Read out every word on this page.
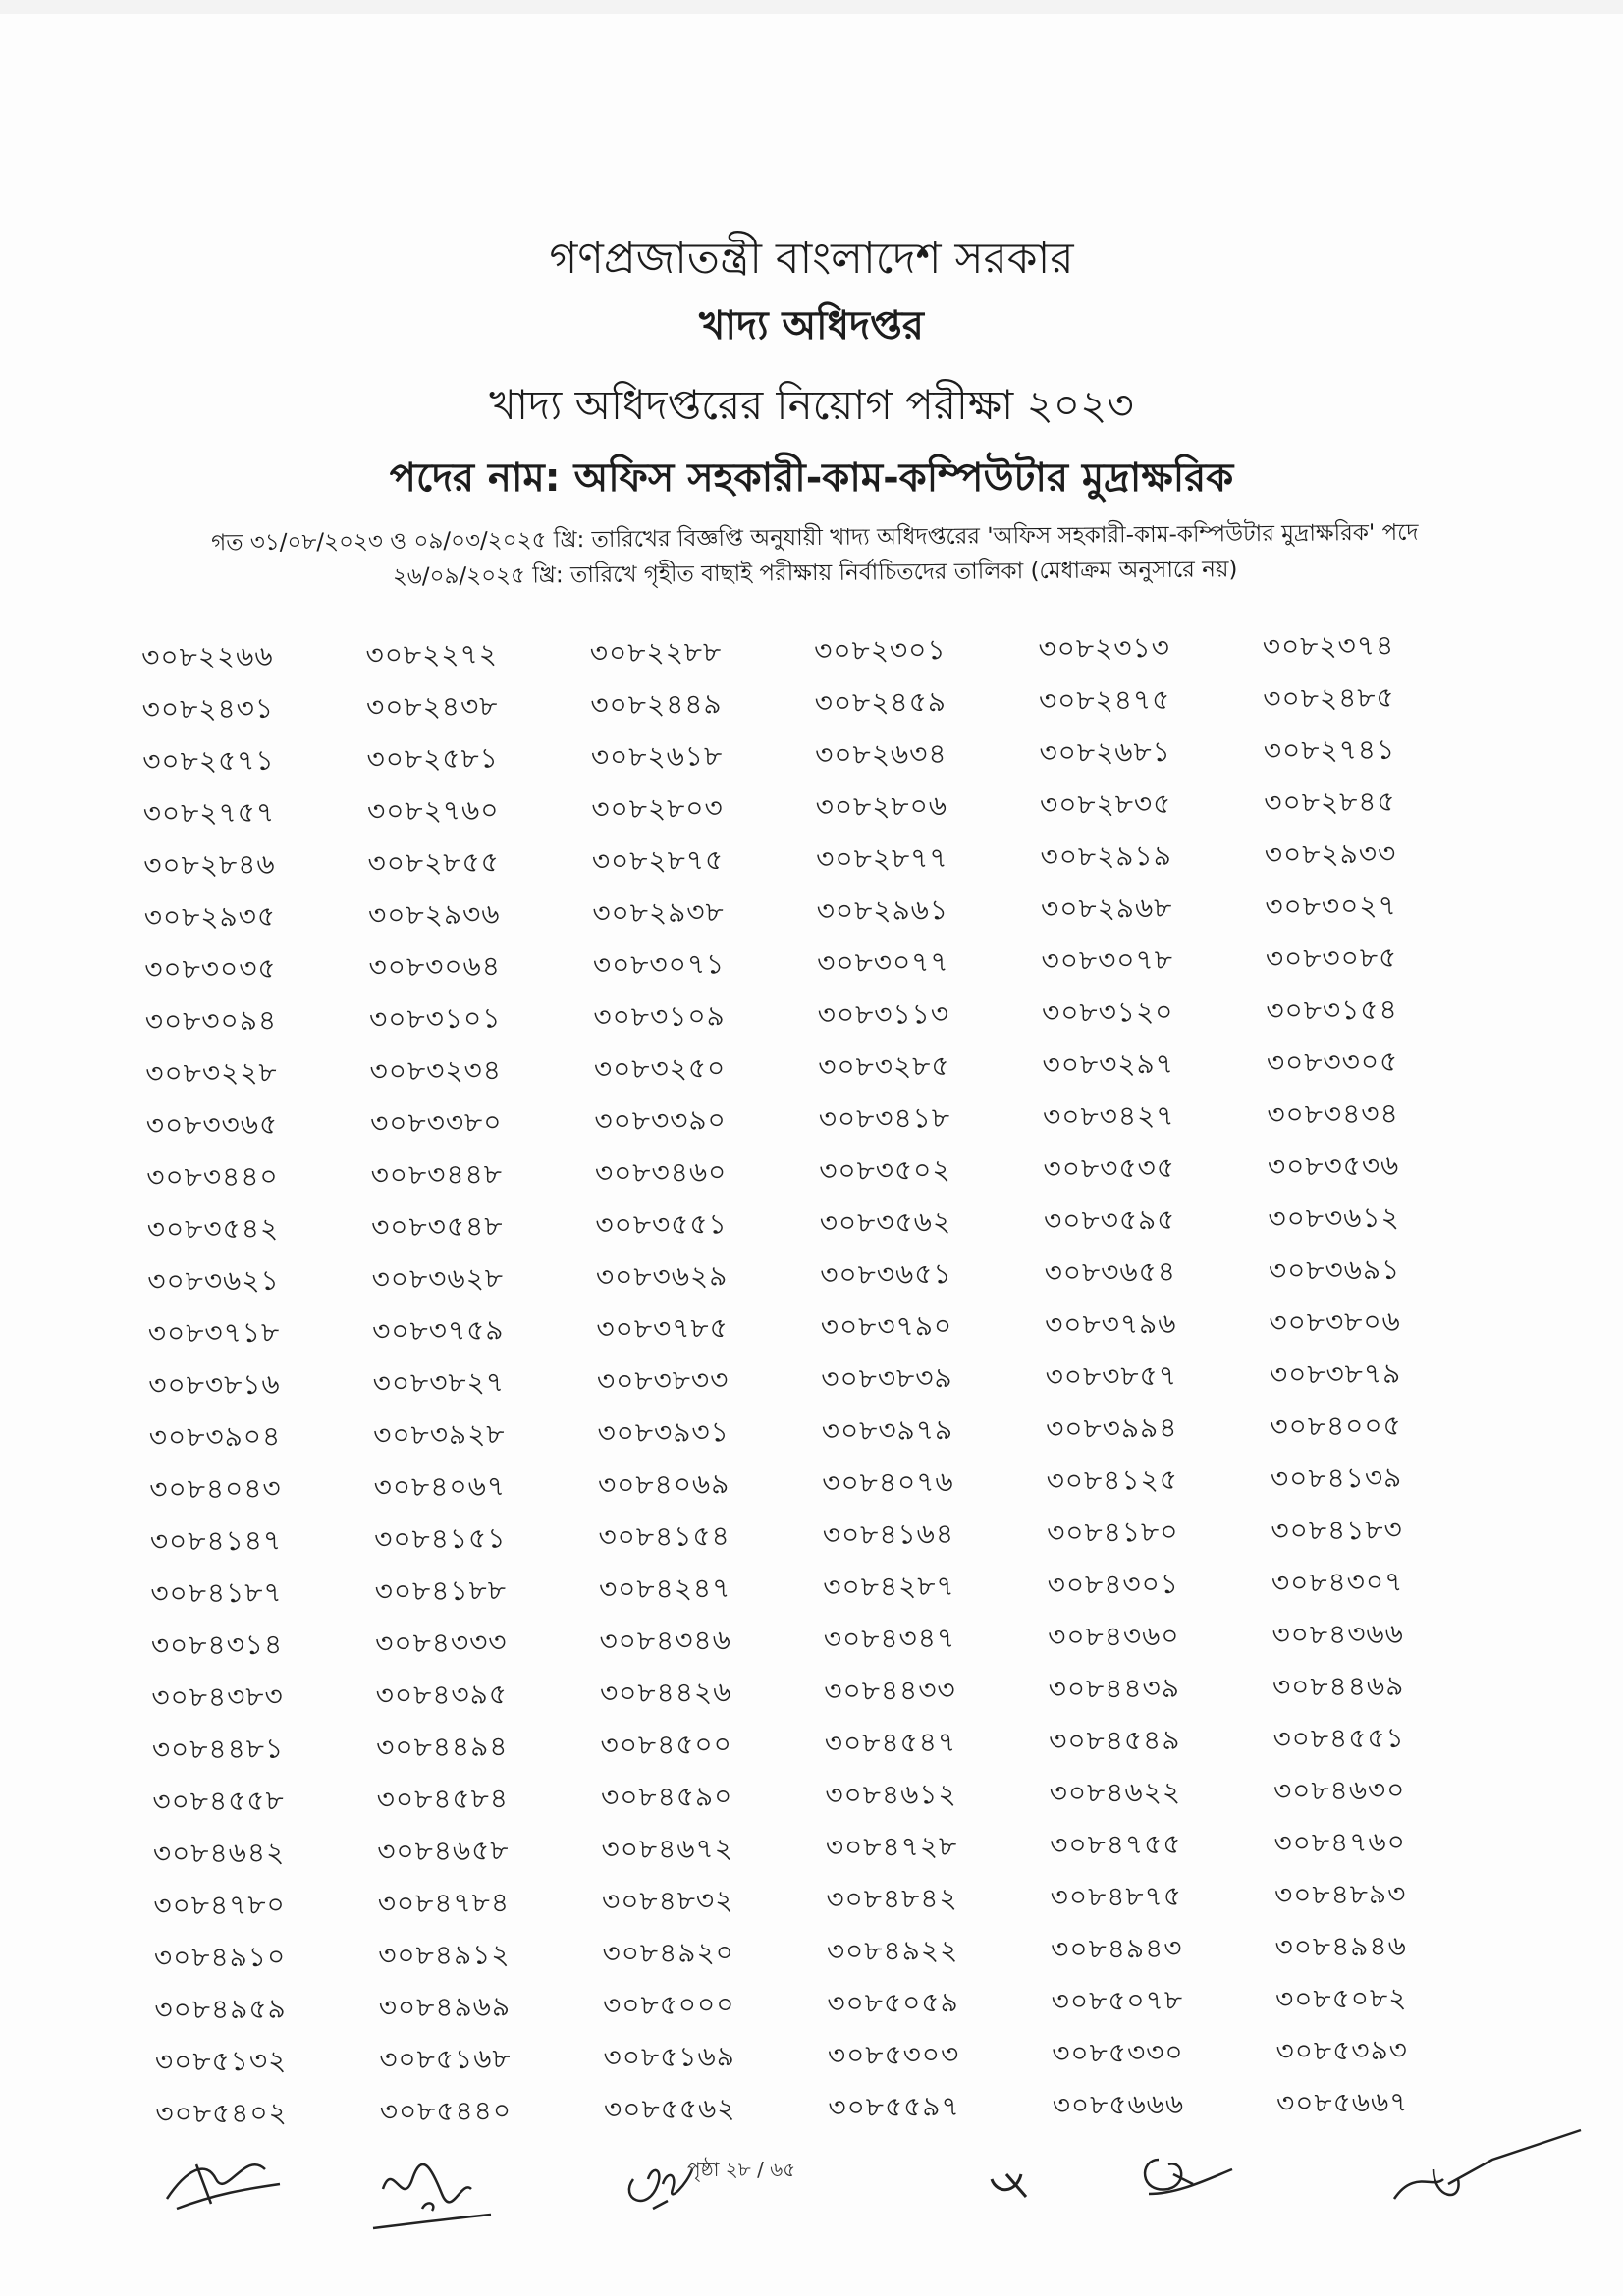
গণপ্রজাতন্ত্রী বাংলাদেশ সরকার
খাদ্য অধিদপ্তর
খাদ্য অধিদপ্তরের নিয়োগ পরীক্ষা ২০২৩
পদের নাম: অফিস সহকারী-কাম-কম্পিউটার মুদ্রাক্ষরিক
গত ৩১/০৮/২০২৩ ও ০৯/০৩/২০২৫ খ্রি: তারিখের বিজ্ঞপ্তি অনুযায়ী খাদ্য অধিদপ্তরের 'অফিস সহকারী-কাম-কম্পিউটার মুদ্রাক্ষরিক' পদে ২৬/০৯/২০২৫ খ্রি: তারিখে গৃহীত বাছাই পরীক্ষায় নির্বাচিতদের তালিকা (মেধাক্রম অনুসারে নয়)
৩০৮২২৬৬	৩০৮২২৭২	৩০৮২২৮৮	৩০৮২৩০১	৩০৮২৩১৩	৩০৮২৩৭৪
৩০৮২৪৩১	৩০৮২৪৩৮	৩০৮২৪৪৯	৩০৮২৪৫৯	৩০৮২৪৭৫	৩০৮২৪৮৫
৩০৮২৫৭১	৩০৮২৫৮১	৩০৮২৬১৮	৩০৮২৬৩৪	৩০৮২৬৮১	৩০৮২৭৪১
৩০৮২৭৫৭	৩০৮২৭৬০	৩০৮২৮০৩	৩০৮২৮০৬	৩০৮২৮৩৫	৩০৮২৮৪৫
৩০৮২৮৪৬	৩০৮২৮৫৫	৩০৮২৮৭৫	৩০৮২৮৭৭	৩০৮২৯১৯	৩০৮২৯৩৩
৩০৮২৯৩৫	৩০৮২৯৩৬	৩০৮২৯৩৮	৩০৮২৯৬১	৩০৮২৯৬৮	৩০৮৩০২৭
৩০৮৩০৩৫	৩০৮৩০৬৪	৩০৮৩০৭১	৩০৮৩০৭৭	৩০৮৩০৭৮	৩০৮৩০৮৫
৩০৮৩০৯৪	৩০৮৩১০১	৩০৮৩১০৯	৩০৮৩১১৩	৩০৮৩১২০	৩০৮৩১৫৪
৩০৮৩২২৮	৩০৮৩২৩৪	৩০৮৩২৫০	৩০৮৩২৮৫	৩০৮৩২৯৭	৩০৮৩৩০৫
৩০৮৩৩৬৫	৩০৮৩৩৮০	৩০৮৩৩৯০	৩০৮৩৪১৮	৩০৮৩৪২৭	৩০৮৩৪৩৪
৩০৮৩৪৪০	৩০৮৩৪৪৮	৩০৮৩৪৬০	৩০৮৩৫০২	৩০৮৩৫৩৫	৩০৮৩৫৩৬
৩০৮৩৫৪২	৩০৮৩৫৪৮	৩০৮৩৫৫১	৩০৮৩৫৬২	৩০৮৩৫৯৫	৩০৮৩৬১২
৩০৮৩৬২১	৩০৮৩৬২৮	৩০৮৩৬২৯	৩০৮৩৬৫১	৩০৮৩৬৫৪	৩০৮৩৬৯১
৩০৮৩৭১৮	৩০৮৩৭৫৯	৩০৮৩৭৮৫	৩০৮৩৭৯০	৩০৮৩৭৯৬	৩০৮৩৮০৬
৩০৮৩৮১৬	৩০৮৩৮২৭	৩০৮৩৮৩৩	৩০৮৩৮৩৯	৩০৮৩৮৫৭	৩০৮৩৮৭৯
৩০৮৩৯০৪	৩০৮৩৯২৮	৩০৮৩৯৩১	৩০৮৩৯৭৯	৩০৮৩৯৯৪	৩০৮৪০০৫
৩০৮৪০৪৩	৩০৮৪০৬৭	৩০৮৪০৬৯	৩০৮৪০৭৬	৩০৮৪১২৫	৩০৮৪১৩৯
৩০৮৪১৪৭	৩০৮৪১৫১	৩০৮৪১৫৪	৩০৮৪১৬৪	৩০৮৪১৮০	৩০৮৪১৮৩
৩০৮৪১৮৭	৩০৮৪১৮৮	৩০৮৪২৪৭	৩০৮৪২৮৭	৩০৮৪৩০১	৩০৮৪৩০৭
৩০৮৪৩১৪	৩০৮৪৩৩৩	৩০৮৪৩৪৬	৩০৮৪৩৪৭	৩০৮৪৩৬০	৩০৮৪৩৬৬
৩০৮৪৩৮৩	৩০৮৪৩৯৫	৩০৮৪৪২৬	৩০৮৪৪৩৩	৩০৮৪৪৩৯	৩০৮৪৪৬৯
৩০৮৪৪৮১	৩০৮৪৪৯৪	৩০৮৪৫০০	৩০৮৪৫৪৭	৩০৮৪৫৪৯	৩০৮৪৫৫১
৩০৮৪৫৫৮	৩০৮৪৫৮৪	৩০৮৪৫৯০	৩০৮৪৬১২	৩০৮৪৬২২	৩০৮৪৬৩০
৩০৮৪৬৪২	৩০৮৪৬৫৮	৩০৮৪৬৭২	৩০৮৪৭২৮	৩০৮৪৭৫৫	৩০৮৪৭৬০
৩০৮৪৭৮০	৩০৮৪৭৮৪	৩০৮৪৮৩২	৩০৮৪৮৪২	৩০৮৪৮৭৫	৩০৮৪৮৯৩
৩০৮৪৯১০	৩০৮৪৯১২	৩০৮৪৯২০	৩০৮৪৯২২	৩০৮৪৯৪৩	৩০৮৪৯৪৬
৩০৮৪৯৫৯	৩০৮৪৯৬৯	৩০৮৫০০০	৩০৮৫০৫৯	৩০৮৫০৭৮	৩০৮৫০৮২
৩০৮৫১৩২	৩০৮৫১৬৮	৩০৮৫১৬৯	৩০৮৫৩০৩	৩০৮৫৩৩০	৩০৮৫৩৯৩
৩০৮৫৪০২	৩০৮৫৪৪০	৩০৮৫৫৬২	৩০৮৫৫৯৭	৩০৮৫৬৬৬	৩০৮৫৬৬৭
পৃষ্ঠা ২৮ / ৬৫
